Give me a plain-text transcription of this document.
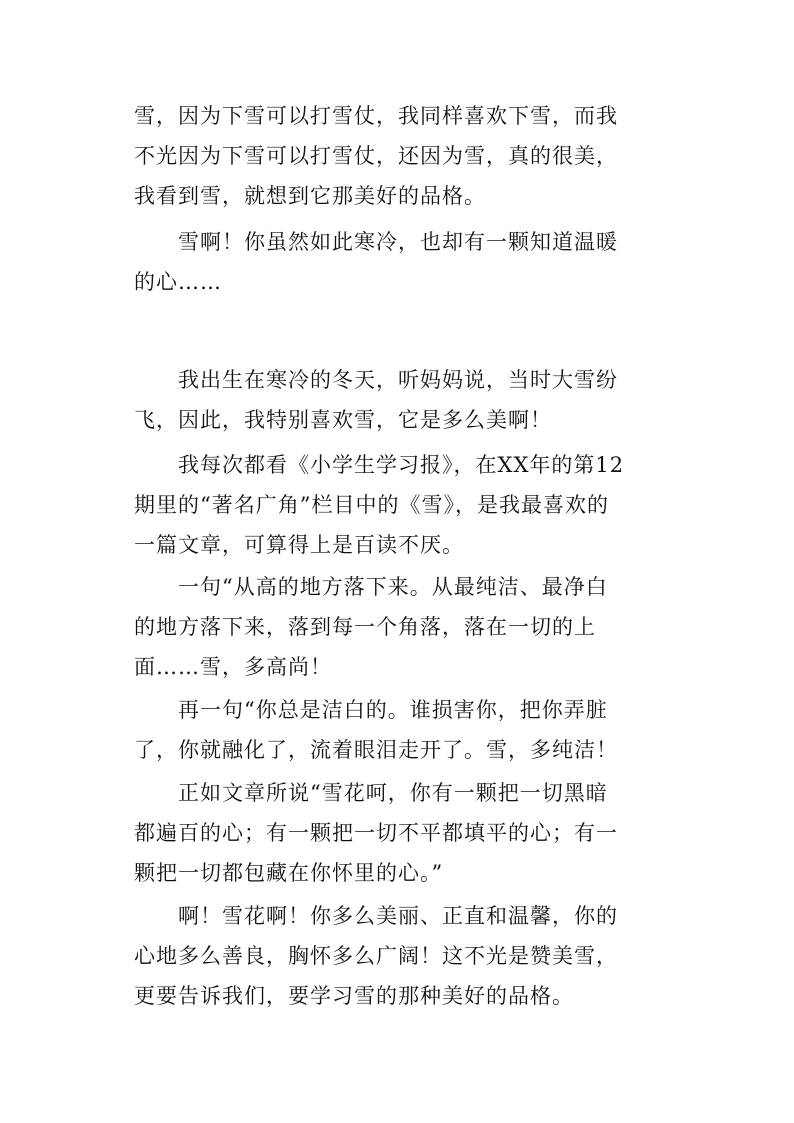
雪，因为下雪可以打雪仗，我同样喜欢下雪，而我
不光因为下雪可以打雪仗，还因为雪，真的很美，
我看到雪，就想到它那美好的品格。

　　雪啊！你虽然如此寒冷，也却有一颗知道温暖
的心……

　　我出生在寒冷的冬天，听妈妈说，当时大雪纷
飞，因此，我特别喜欢雪，它是多么美啊！

　　我每次都看《小学生学习报》，在XX年的第12
期里的“著名广角”栏目中的《雪》，是我最喜欢的
一篇文章，可算得上是百读不厌。

　　一句“从高的地方落下来。从最纯洁、最净白
的地方落下来，落到每一个角落，落在一切的上
面……雪，多高尚！

　　再一句“你总是洁白的。谁损害你，把你弄脏
了，你就融化了，流着眼泪走开了。雪，多纯洁！

　　正如文章所说“雪花呵，你有一颗把一切黑暗
都遍百的心；有一颗把一切不平都填平的心；有一
颗把一切都包藏在你怀里的心。”

　　啊！雪花啊！你多么美丽、正直和温馨，你的
心地多么善良，胸怀多么广阔！这不光是赞美雪，
更要告诉我们，要学习雪的那种美好的品格。
